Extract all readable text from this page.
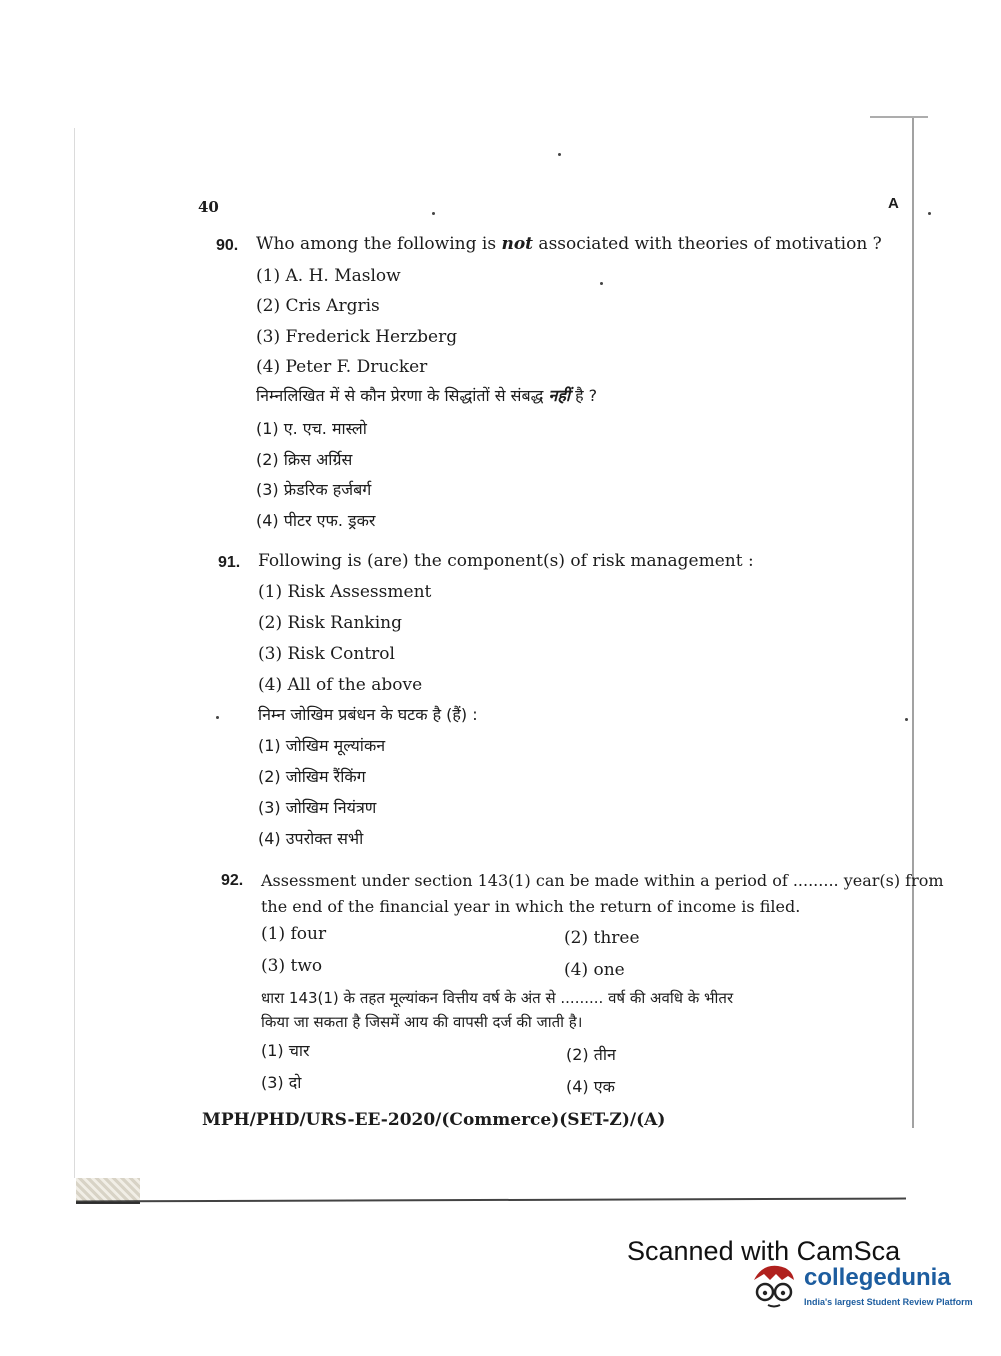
40	A
90. Who among the following is not associated with theories of motivation ?
(1) A. H. Maslow
(2) Cris Argris
(3) Frederick Herzberg
(4) Peter F. Drucker
निम्नलिखित में से कौन प्रेरणा के सिद्धांतों से संबद्ध नहीं है ?
(1) ए. एच. मास्लो
(2) क्रिस अर्ग्रिस
(3) फ्रेडरिक हर्जबर्ग
(4) पीटर एफ. ड्रकर
91. Following is (are) the component(s) of risk management :
(1) Risk Assessment
(2) Risk Ranking
(3) Risk Control
(4) All of the above
निम्न जोखिम प्रबंधन के घटक है (हैं) :
(1) जोखिम मूल्यांकन
(2) जोखिम रैंकिंग
(3) जोखिम नियंत्रण
(4) उपरोक्त सभी
92. Assessment under section 143(1) can be made within a period of ......... year(s) from
the end of the financial year in which the return of income is filed.
(1) four	(2) three
(3) two	(4) one
धारा 143(1) के तहत मूल्यांकन वित्तीय वर्ष के अंत से ......... वर्ष की अवधि के भीतर
किया जा सकता है जिसमें आय की वापसी दर्ज की जाती है।
(1) चार	(2) तीन
(3) दो	(4) एक
MPH/PHD/URS-EE-2020/(Commerce)(SET-Z)/(A)
Scanned with CamSca
collegedunia
India's largest Student Review Platform
